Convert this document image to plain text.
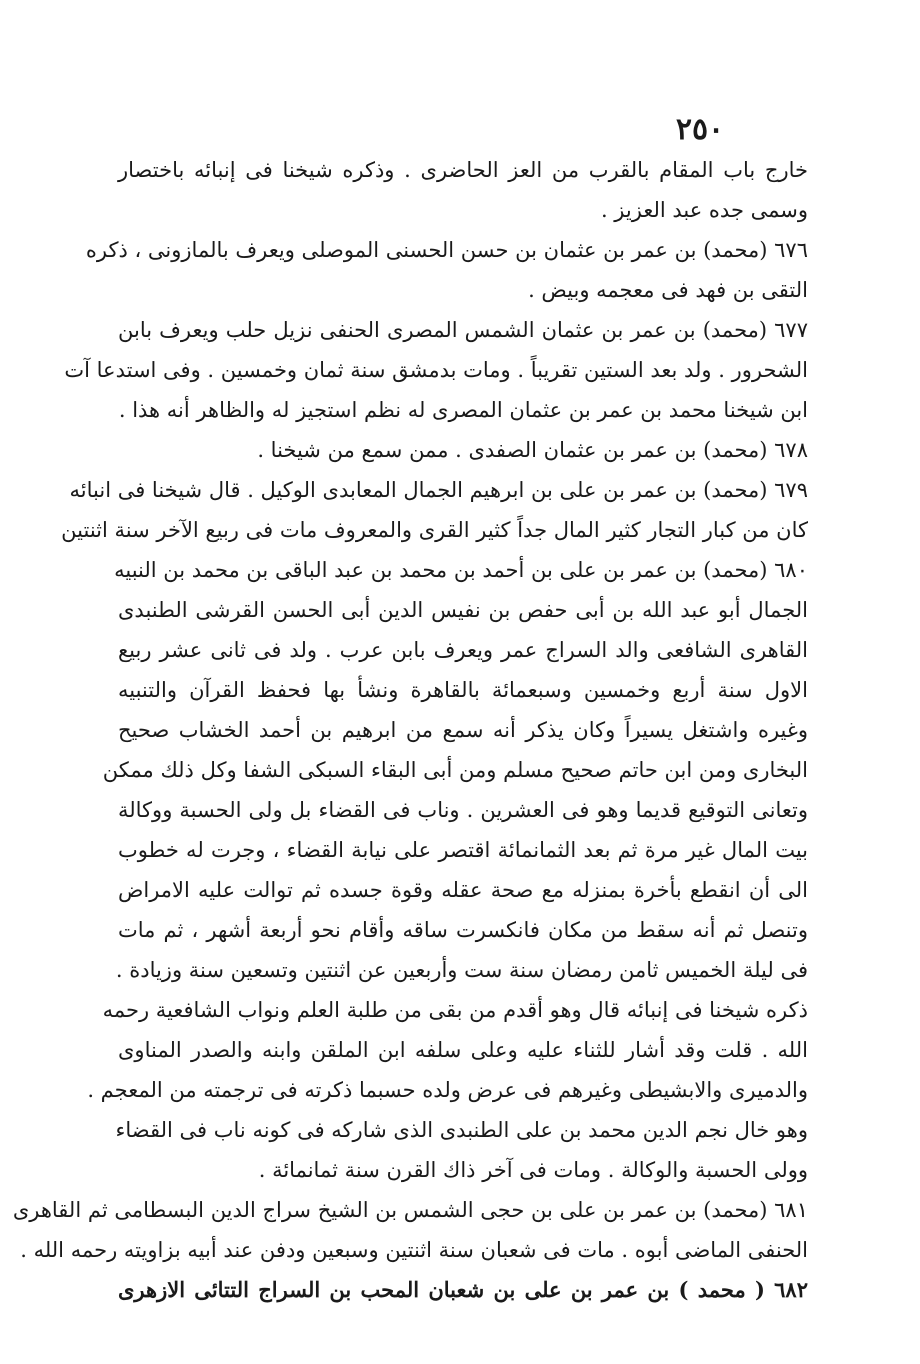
٢٥٠
خارج باب المقام بالقرب من العز الحاضرى . وذكره شيخنا فى إنبائه باختصار
وسمى جده عبد العزيز .
٦٧٦ (محمد) بن عمر بن عثمان بن حسن الحسنى الموصلى ويعرف بالمازونى ، ذكره
التقى بن فهد فى معجمه وبيض .
٦٧٧ (محمد) بن عمر بن عثمان الشمس المصرى الحنفى نزيل حلب ويعرف بابن
الشحرور . ولد بعد الستين تقريباً . ومات بدمشق سنة ثمان وخمسين . وفى استدعا آت
ابن شيخنا محمد بن عمر بن عثمان المصرى له نظم استجيز له والظاهر أنه هذا .
٦٧٨ (محمد) بن عمر بن عثمان الصفدى . ممن سمع من شيخنا .
٦٧٩ (محمد) بن عمر بن على بن ابرهيم الجمال المعابدى الوكيل . قال شيخنا فى انبائه
كان من كبار التجار كثير المال جداً كثير القرى والمعروف مات فى ربيع الآخر سنة اثنتين
٦٨٠ (محمد) بن عمر بن على بن أحمد بن محمد بن عبد الباقى بن محمد بن النبيه
الجمال أبو عبد الله بن أبى حفص بن نفيس الدين أبى الحسن القرشى الطنبدى
القاهرى الشافعى والد السراج عمر ويعرف بابن عرب . ولد فى ثانى عشر ربيع
الاول سنة أربع وخمسين وسبعمائة بالقاهرة ونشأ بها فحفظ القرآن والتنبيه
وغيره واشتغل يسيراً وكان يذكر أنه سمع من ابرهيم بن أحمد الخشاب صحيح
البخارى ومن ابن حاتم صحيح مسلم ومن أبى البقاء السبكى الشفا وكل ذلك ممكن
وتعانى التوقيع قديما وهو فى العشرين . وناب فى القضاء بل ولى الحسبة ووكالة
بيت المال غير مرة ثم بعد الثمانمائة اقتصر على نيابة القضاء ، وجرت له خطوب
الى أن انقطع بأخرة بمنزله مع صحة عقله وقوة جسده ثم توالت عليه الامراض
وتنصل ثم أنه سقط من مكان فانكسرت ساقه وأقام نحو أربعة أشهر ، ثم مات
فى ليلة الخميس ثامن رمضان سنة ست وأربعين عن اثنتين وتسعين سنة وزيادة .
ذكره شيخنا فى إنبائه قال وهو أقدم من بقى من طلبة العلم ونواب الشافعية رحمه
الله . قلت وقد أشار للثناء عليه وعلى سلفه ابن الملقن وابنه والصدر المناوى
والدميرى والابشيطى وغيرهم فى عرض ولده حسبما ذكرته فى ترجمته من المعجم .
وهو خال نجم الدين محمد بن على الطنبدى الذى شاركه فى كونه ناب فى القضاء
وولى الحسبة والوكالة . ومات فى آخر ذاك القرن سنة ثمانمائة .
٦٨١ (محمد) بن عمر بن على بن حجى الشمس بن الشيخ سراج الدين البسطامى ثم القاهرى
الحنفى الماضى أبوه . مات فى شعبان سنة اثنتين وسبعين ودفن عند أبيه بزاويته رحمه الله .
٦٨٢ ( محمد ) بن عمر بن على بن شعبان المحب بن السراج التتائى الازهرى
